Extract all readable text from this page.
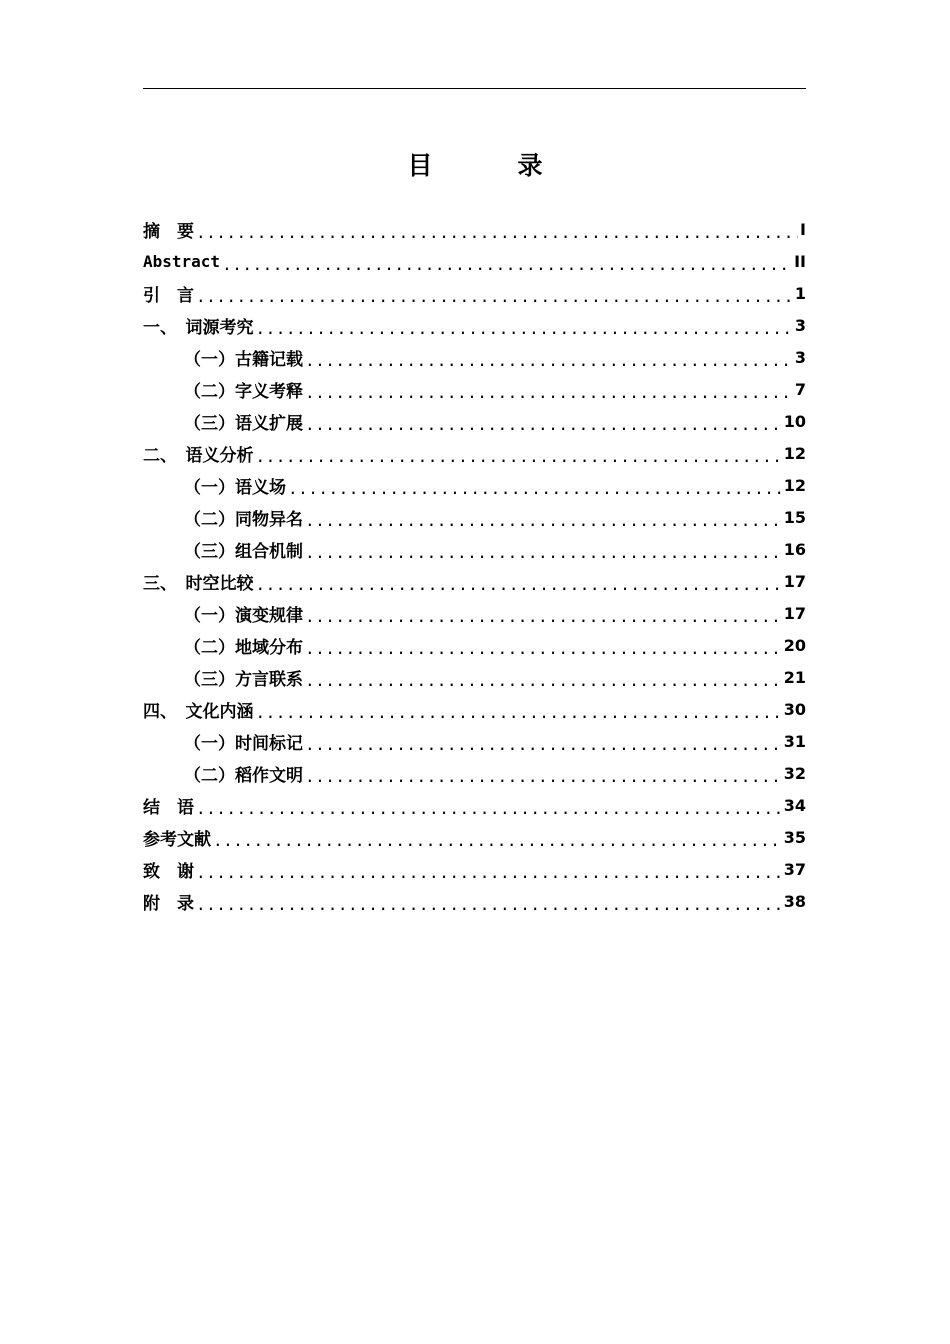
目　录
摘　要 .....	I
Abstract .....	II
引　言 .....	1
一、　词源考究 .....	3
（一）古籍记载 .....	3
（二）字义考释 .....	7
（三）语义扩展 .....	10
二、　语义分析 .....	12
（一）语义场 .....	12
（二）同物异名 .....	15
（三）组合机制 .....	16
三、　时空比较 .....	17
（一）演变规律 .....	17
（二）地域分布 .....	20
（三）方言联系 .....	21
四、　文化内涵 .....	30
（一）时间标记 .....	31
（二）稻作文明 .....	32
结　语 .....	34
参考文献 .....	35
致　谢 .....	37
附　录 .....	38
